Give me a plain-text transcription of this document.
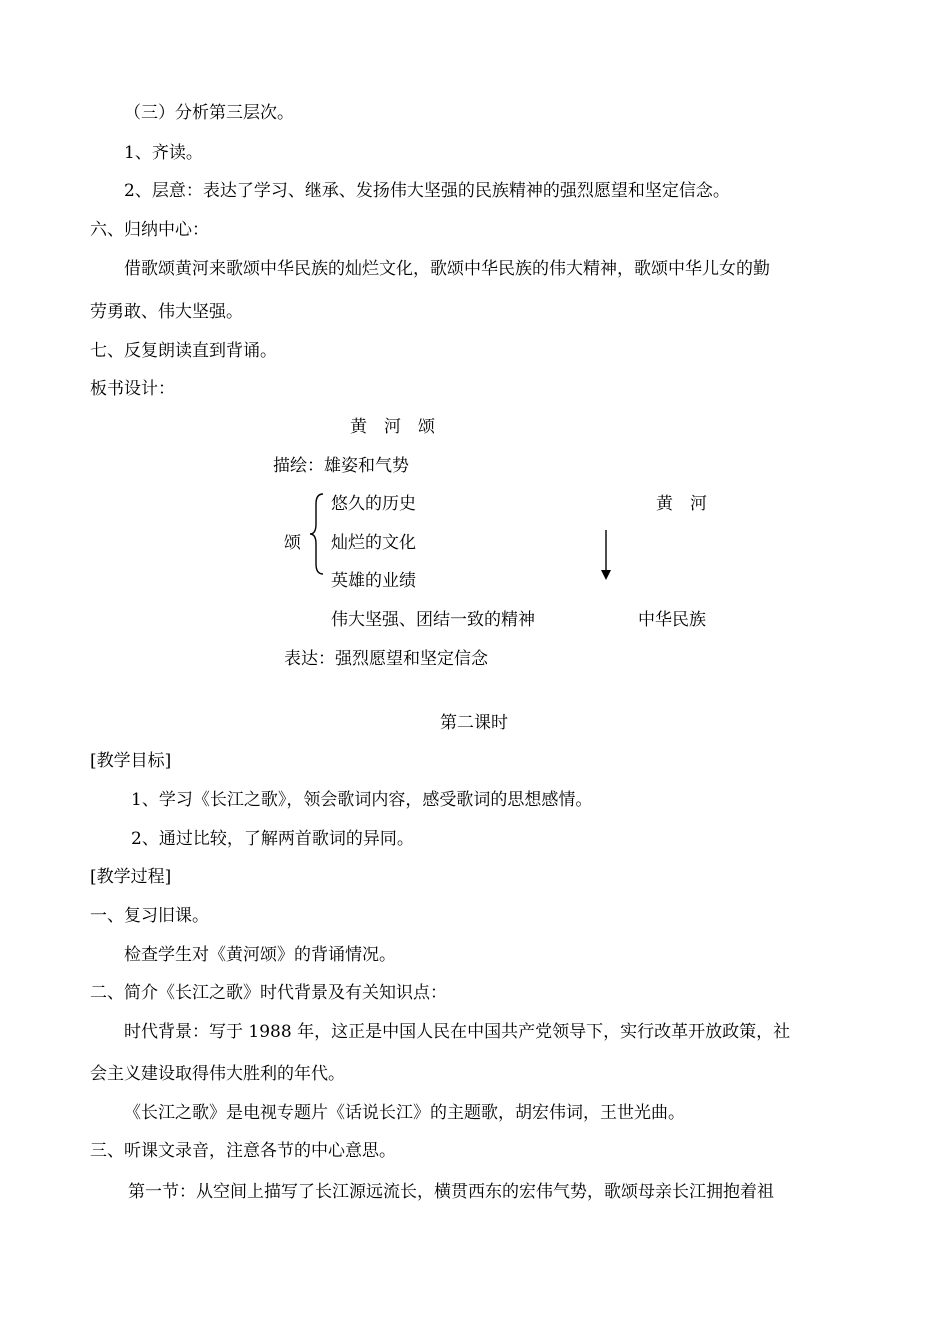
（三）分析第三层次。
1、齐读。
2、层意：表达了学习、继承、发扬伟大坚强的民族精神的强烈愿望和坚定信念。
六、归纳中心：
借歌颂黄河来歌颂中华民族的灿烂文化，歌颂中华民族的伟大精神，歌颂中华儿女的勤
劳勇敢、伟大坚强。
七、反复朗读直到背诵。
板书设计：
黄　河　颂
描绘：雄姿和气势
颂
悠久的历史
灿烂的文化
英雄的业绩
伟大坚强、团结一致的精神
黄　河
中华民族
表达：强烈愿望和坚定信念
第二课时
[教学目标]
1、学习《长江之歌》，领会歌词内容，感受歌词的思想感情。
2、通过比较，了解两首歌词的异同。
[教学过程]
一、复习旧课。
检查学生对《黄河颂》的背诵情况。
二、简介《长江之歌》时代背景及有关知识点：
时代背景：写于 1988 年，这正是中国人民在中国共产党领导下，实行改革开放政策，社
会主义建设取得伟大胜利的年代。
《长江之歌》是电视专题片《话说长江》的主题歌，胡宏伟词，王世光曲。
三、听课文录音，注意各节的中心意思。
第一节：从空间上描写了长江源远流长，横贯西东的宏伟气势，歌颂母亲长江拥抱着祖
